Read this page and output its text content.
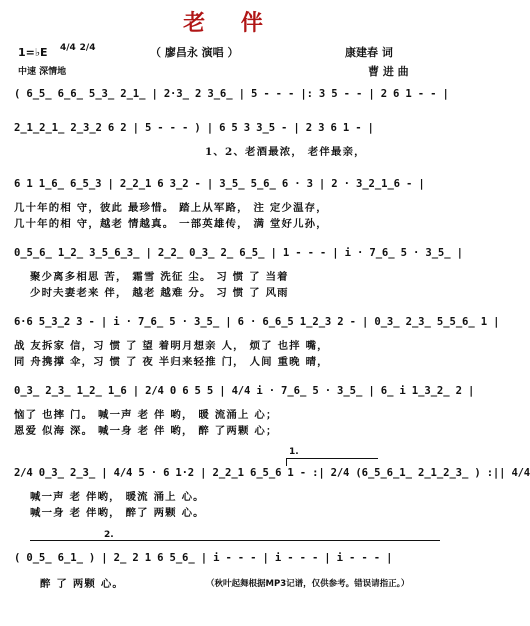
老 伴
（ 廖昌永 演唱 ）
1=♭E 4/4 2/4
中速 深情地
康建春 词
曹 进 曲
( 6̲5̲ 6̲6̲ 5̲3̲ 2̲1̲ | 2·3̲ 2 3̲6̲ | 5 - - - |: 3 5 - - | 2 6 1 - - |
2̲1̲2̲1̲ 2̲3̲2 6 2 | 5 - - - ) | 6 5 3 3̲5 - | 2 3 6 1 - |
1、2、老酒最浓， 老伴最亲，
6 1 1̲6̲ 6̲5̲3 | 2̲2̲1 6 3̲2 - | 3̲5̲ 5̲6̲ 6 · 3 | 2 · 3̲2̲1̲6 - |
几十年的相 守，彼此 最珍惜。 踏上从军路， 注 定少温存，
几十年的相 守，越老 情越真。 一部英雄传， 满 堂好儿孙，
0̲5̲6̲ 1̲2̲ 3̲5̲6̲3̲ | 2̲2̲ 0̲3̲ 2̲ 6̲5̲ | 1 - - - | i · 7̲6̲ 5 · 3̲5̲ |
聚少离多相思 苦， 霜雪 洗征 尘。 习 惯 了 当着
少时夫妻老来 伴， 越老 越难 分。 习 惯 了 风雨
6·6 5̲3̲2 3 - | i · 7̲6̲ 5 · 3̲5̲ | 6 · 6̲6̲5 1̲2̲3 2 - | 0̲3̲ 2̲3̲ 5̲5̲6̲ 1 |
战 友拆家 信，习 惯 了 望 着明月想亲 人， 烦了 也拌 嘴，
同 舟携撑 伞，习 惯 了 夜 半归来轻推 门， 人间 重晚 晴，
0̲3̲ 2̲3̲ 1̲2̲ 1̲6 | 2/4 0 6 5 5 | 4/4 i · 7̲6̲ 5 · 3̲5̲ | 6̲ i 1̲3̲2̲ 2 |
恼了 也摔 门。 喊一声 老 伴 哟， 暖 流涌上 心；
恩爱 似海 深。 喊一身 老 伴 哟， 醉 了两颗 心；
1.
2/4 0̲3̲ 2̲3̲ | 4/4 5 · 6 1·2 | 2̲2̲1 6̲5̲6 1 - :| 2/4 (6̲5̲6̲1̲ 2̲1̲2̲3̲ ) :|| 4/4
喊一声 老 伴哟， 暖流 涌上 心。
喊一身 老 伴哟， 醉了 两颗 心。
2.
( 0̲5̲ 6̲1̲ ) | 2̲ 2 1 6 5̲6̲ | i - - - | i - - - | i - - - |
醉 了 两颗 心。	（秋叶起舞根据MP3记谱，仅供参考。错误请指正。）
